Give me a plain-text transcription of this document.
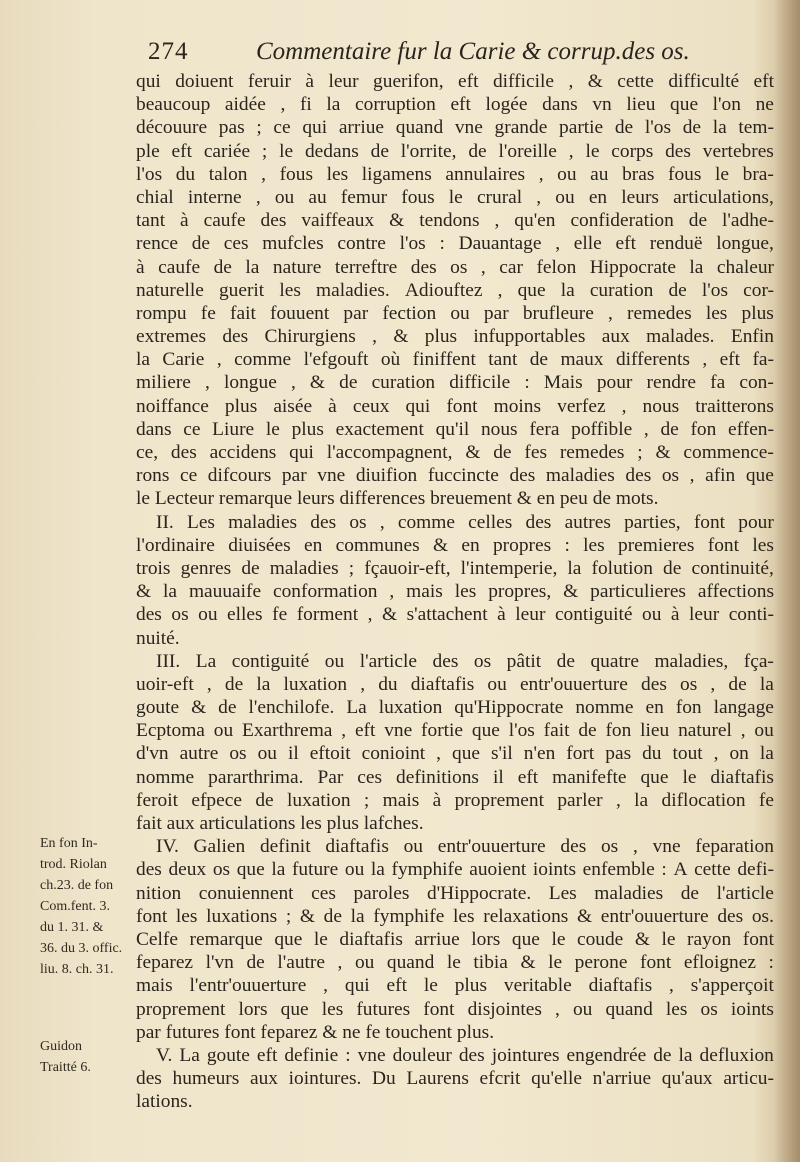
274	Commentaire fur la Carie & corrup.des os.
qui doiuent feruir à leur guerifon, eft difficile , & cette difficulté eft
beaucoup aidée , fi la corruption eft logée dans vn lieu que l'on ne
découure pas ; ce qui arriue quand vne grande partie de l'os de la tem-
ple eft cariée ; le dedans de l'orrite, de l'oreille , le corps des vertebres
l'os du talon , fous les ligamens annulaires , ou au bras fous le bra-
chial interne , ou au femur fous le crural , ou en leurs articulations,
tant à caufe des vaiffeaux & tendons , qu'en confideration de l'adhe-
rence de ces mufcles contre l'os : Dauantage , elle eft renduë longue,
à caufe de la nature terreftre des os , car felon Hippocrate la chaleur
naturelle guerit les maladies. Adiouftez , que la curation de l'os cor-
rompu fe fait fouuent par fection ou par brufleure , remedes les plus
extremes des Chirurgiens , & plus infupportables aux malades. Enfin
la Carie , comme l'efgouft où finiffent tant de maux differents , eft fa-
miliere , longue , & de curation difficile : Mais pour rendre fa con-
noiffance plus aisée à ceux qui font moins verfez , nous traitterons
dans ce Liure le plus exactement qu'il nous fera poffible , de fon effen-
ce, des accidens qui l'accompagnent, & de fes remedes ; & commence-
rons ce difcours par vne diuifion fuccincte des maladies des os , afin que
le Lecteur remarque leurs differences breuement & en peu de mots.
II. Les maladies des os , comme celles des autres parties, font pour
l'ordinaire diuisées en communes & en propres : les premieres font les
trois genres de maladies ; fçauoir-eft, l'intemperie, la folution de continuité,
& la mauuaife conformation , mais les propres, & particulieres affections
des os ou elles fe forment , & s'attachent à leur contiguité ou à leur conti-
nuité.
III. La contiguité ou l'article des os pâtit de quatre maladies, fça-
uoir-eft , de la luxation , du diaftafis ou entr'ouuerture des os , de la
goute & de l'enchilofe. La luxation qu'Hippocrate nomme en fon langage
Ecptoma ou Exarthrema , eft vne fortie que l'os fait de fon lieu naturel , ou
d'vn autre os ou il eftoit conioint , que s'il n'en fort pas du tout , on la
nomme pararthrima. Par ces definitions il eft manifefte que le diaftafis
feroit efpece de luxation ; mais à proprement parler , la diflocation fe
fait aux articulations les plus lafches.
IV. Galien definit diaftafis ou entr'ouuerture des os , vne feparation
des deux os que la future ou la fymphife auoient ioints enfemble : A cette defi-
nition conuiennent ces paroles d'Hippocrate. Les maladies de l'article
font les luxations ; & de la fymphife les relaxations & entr'ouuerture des os.
Celfe remarque que le diaftafis arriue lors que le coude & le rayon font
feparez l'vn de l'autre , ou quand le tibia & le perone font efloignez :
mais l'entr'ouuerture , qui eft le plus veritable diaftafis , s'apperçoit
proprement lors que les futures font disjointes , ou quand les os ioints
par futures font feparez & ne fe touchent plus.
V. La goute eft definie : vne douleur des jointures engendrée de la defluxion
des humeurs aux iointures. Du Laurens efcrit qu'elle n'arriue qu'aux articu-
lations.
En fon In-
trod. Riolan
ch.23. de fon
Com.fent. 3.
du 1. 31. &
36. du 3. offic.
liu. 8. ch. 31.
Guidon
Traitté 6.
